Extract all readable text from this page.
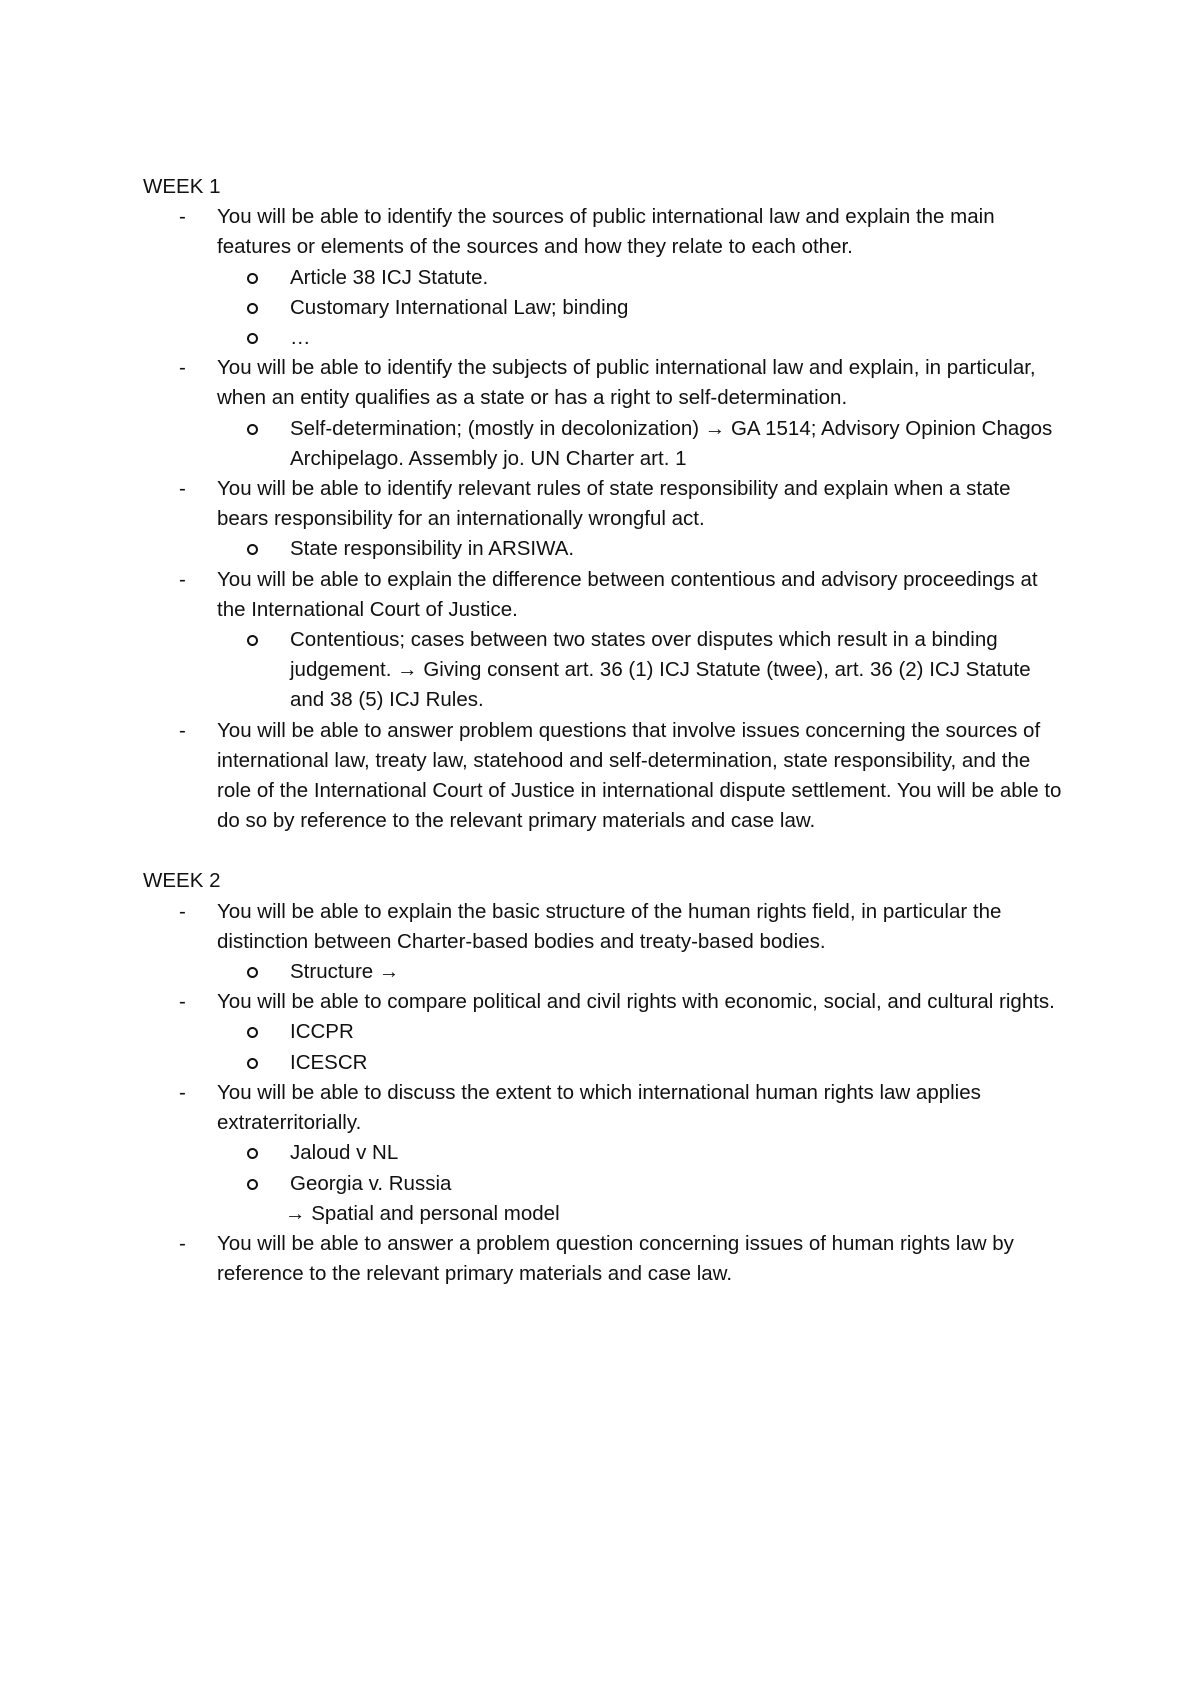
WEEK 1
- You will be able to identify the sources of public international law and explain the main features or elements of the sources and how they relate to each other.
Article 38 ICJ Statute.
Customary International Law; binding
…
- You will be able to identify the subjects of public international law and explain, in particular, when an entity qualifies as a state or has a right to self-determination.
Self-determination; (mostly in decolonization) → GA 1514; Advisory Opinion Chagos Archipelago. Assembly jo. UN Charter art. 1
- You will be able to identify relevant rules of state responsibility and explain when a state bears responsibility for an internationally wrongful act.
State responsibility in ARSIWA.
- You will be able to explain the difference between contentious and advisory proceedings at the International Court of Justice.
Contentious; cases between two states over disputes which result in a binding judgement. → Giving consent art. 36 (1) ICJ Statute (twee), art. 36 (2) ICJ Statute and 38 (5) ICJ Rules.
- You will be able to answer problem questions that involve issues concerning the sources of international law, treaty law, statehood and self-determination, state responsibility, and the role of the International Court of Justice in international dispute settlement. You will be able to do so by reference to the relevant primary materials and case law.
WEEK 2
- You will be able to explain the basic structure of the human rights field, in particular the distinction between Charter-based bodies and treaty-based bodies.
Structure →
- You will be able to compare political and civil rights with economic, social, and cultural rights.
ICCPR
ICESCR
- You will be able to discuss the extent to which international human rights law applies extraterritorially.
Jaloud v NL
Georgia v. Russia
→ Spatial and personal model
- You will be able to answer a problem question concerning issues of human rights law by reference to the relevant primary materials and case law.
